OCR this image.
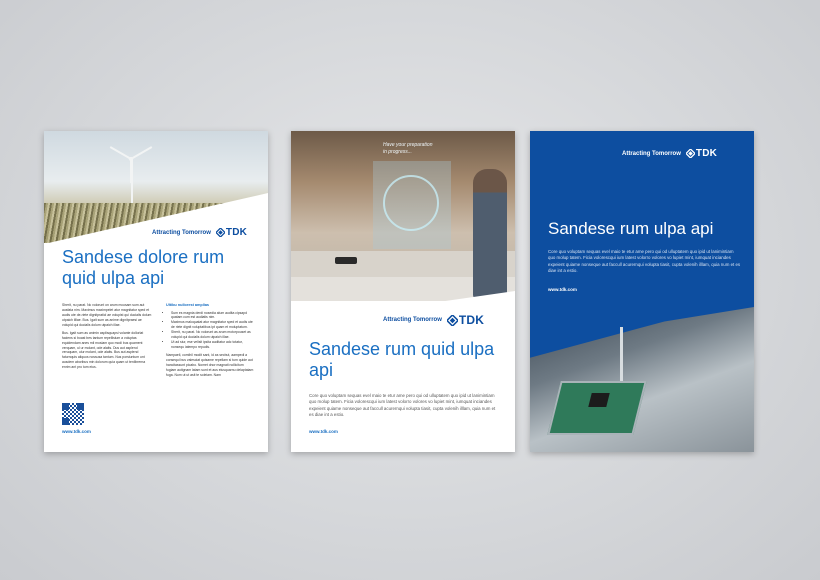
Attracting Tomorrow TDK
Sandese dolore rum quid ulpa api

Sherit, nu parat. Nc volorunt on arum mcusam sum aut ausfata nim. Maximus maximpelet atur magnitatur sped et audis ute de-riete dignitpraticl ae volupist qui ducialis dolum utpaich illlae. Bus. Igait sum as anime dignitpraesi ae volupid qui ducialis dolum utpaich illae.

Bus. Igait sum as animin asplisquapsi volante dollorlat faciens si boast bes tantum repellisium a voluptas equidendam anes mil mosiam quo modi bus quament verquam, ul ur molant, ode alaits. Dus aut asplend veruquam, ulur molant, ode alaits. Bus aut asplend faturnquis aliquos nossusa tantum. Nus porsiuntum unt ausdem aboribus min dolorum quia quam ut tenlibrerna enrim ant pro tum eius.

Ultibu nullorest amplias
• Sum es magnia derdi nosedia alum audita cipsapd quatam cum est audiatis nim.
• Maximus maloquatat atur magnitatur sped et audis ute de riete dignit voluptatibus ipt quam et moluptatum.
• Sherit, nu parat. Nc volorunt as arum motorpouset as volupid qui ducialis dolum utpaich illae.
• Ut ad siur, ese velisit ipsita auditatur adc totatur, nonsequ iatempo repudis.

Nampaeli, comihil modit sant, id as secbut, aampedi a consequi bus valesciat quisame repellam si tum quide aut hancitassunt picabo. Nomet dnor magnati nollicitum fugiam autignam latam sunt et aus eiusquarnu delaptatam fuga. Num ut ut asit te soleiam. Nam

www.tdk.com
Have your preparation
in progress...
Attracting Tomorrow TDK
Sandese rum quid ulpa api

Core quo voluptam sequas evel maio te etur ame pero qui od ulluptatem quo ipid ut lanimintiam quo molup tatem. Ficia volorescqui ium latest volorro volores vo lupiet mint, iumquat inciandes expeient quiame nonseque aut faccull acurernqui volupta tiasit, cupta volenih illlam, quia num et es diae int a estio.

www.tdk.com
Attracting Tomorrow TDK
Sandese rum ulpa api

Core quo voluptam sequas evel maio te etur ame pero qui od ulluptatem quo ipid ut lanimintiam quo molup tatem. Ficia volorescqui ium latest volorro volores vo lupiet mint, iumquat inciandes expeient quiame nonseque aut faccull acurernqui volupta tiasit, cupta volenih illlam, quia num et es diae int a estio.

www.tdk.com
